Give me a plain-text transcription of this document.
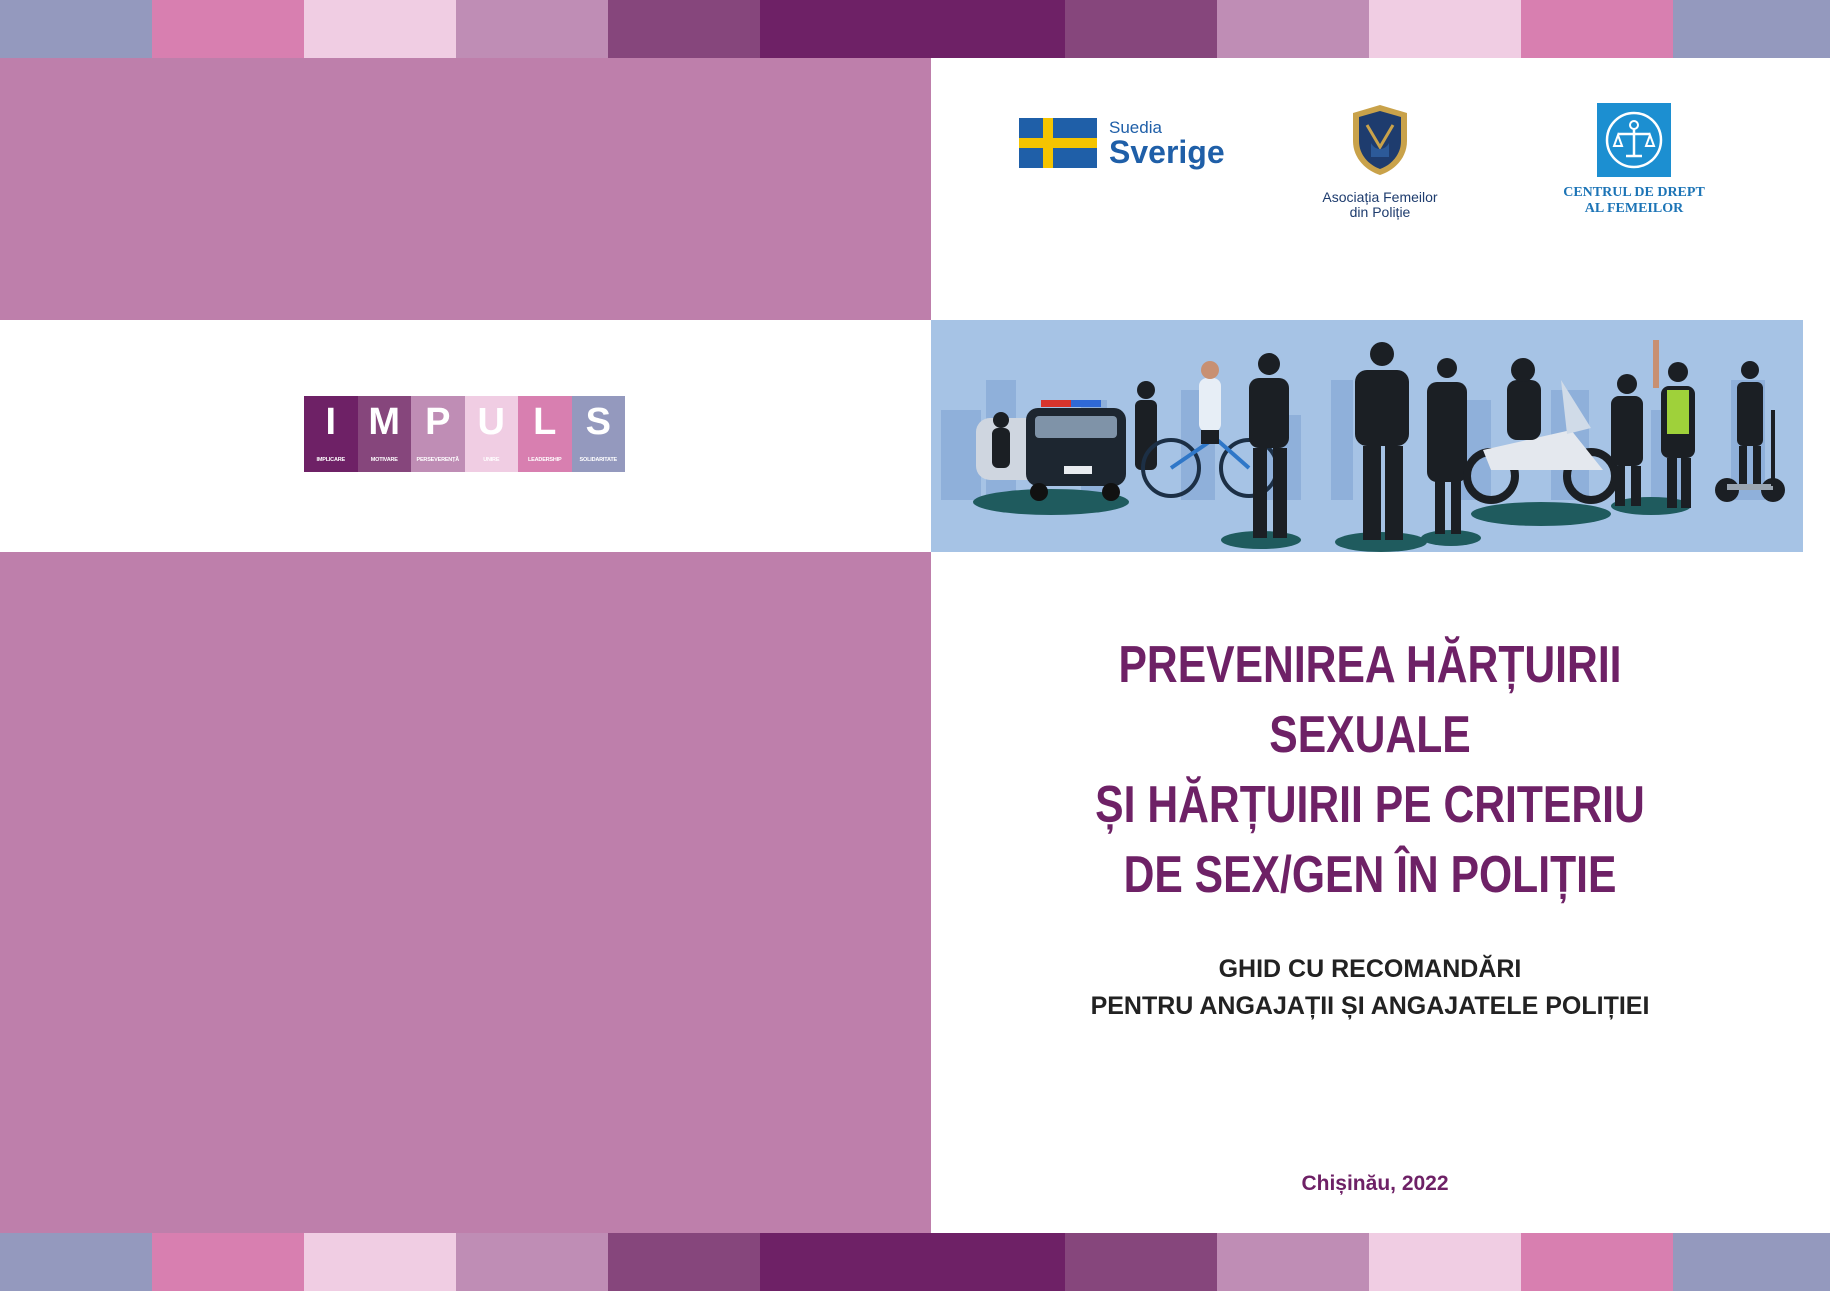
I
IMPLICARE
M
MOTIVARE
P
PERSEVERENȚĂ
U
UNIRE
L
LEADERSHIP
S
SOLIDARITATE
Suedia
Sverige
Asociația Femeilor
din Poliție
CENTRUL DE DREPT
AL FEMEILOR
PREVENIREA HĂRȚUIRII SEXUALE
ȘI HĂRȚUIRII PE CRITERIU
DE SEX/GEN ÎN POLIȚIE
GHID CU RECOMANDĂRI
PENTRU ANGAJAȚII ȘI ANGAJATELE POLIȚIEI
Chișinău, 2022
